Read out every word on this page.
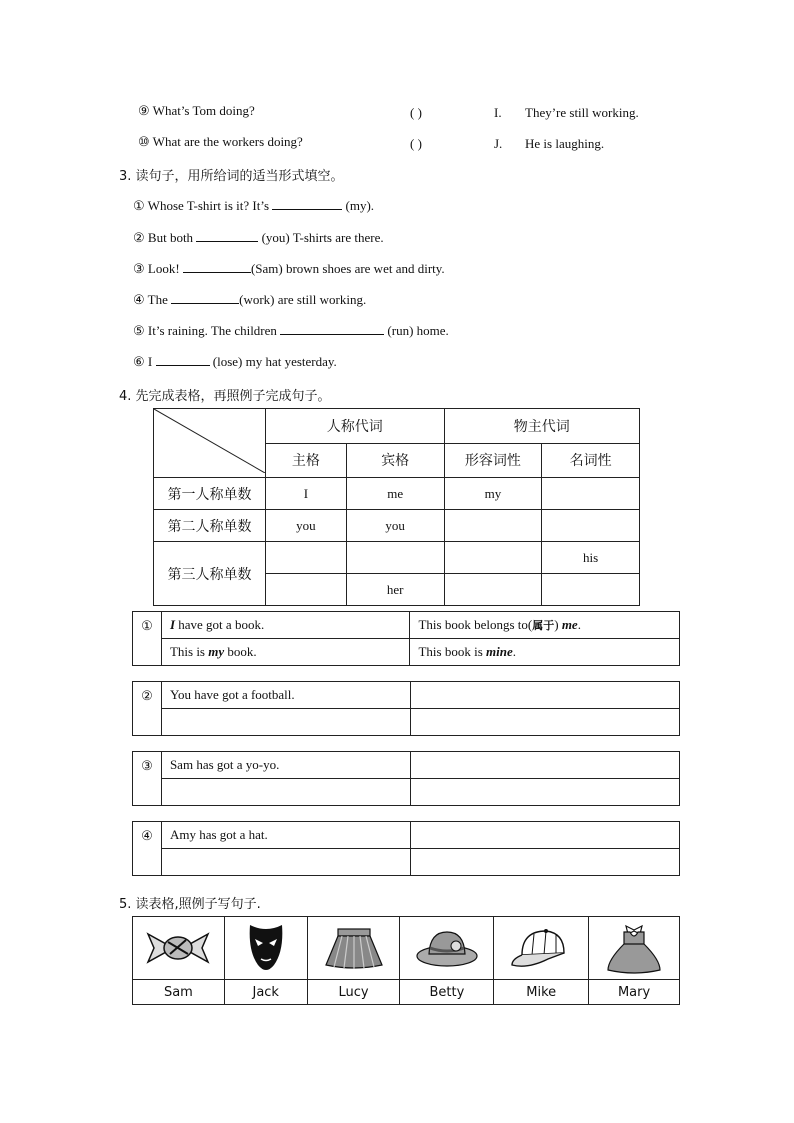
⑨ What’s Tom doing?	( )	I. They’re still working.
⑩ What are the workers doing?	( )	J. He is laughing.
3. 读句子，用所给词的适当形式填空。
① Whose T-shirt is it? It’s	(my).
② But both	(you) T-shirts are there.
③ Look!	(Sam) brown shoes are wet and dirty.
④ The	(work) are still working.
⑤ It’s raining. The children	(run) home.
⑥ I	(lose) my hat yesterday.
4. 先完成表格，再照例子完成句子。
	人称代词		物主代词	
	主格	宾格	形容词性	名词性
第一人称单数	I	me	my	
第二人称单数	you	you		
第三人称单数				his
		her		
①	I have got a book.	This book belongs to(属于) me.
	This is my book.	This book is mine.
②	You have got a football.	

③	Sam has got a yo-yo.	

④	Amy has got a hat.	

5. 读表格,照例子写句子.

Sam	Jack	Lucy	Betty	Mike	Mary
